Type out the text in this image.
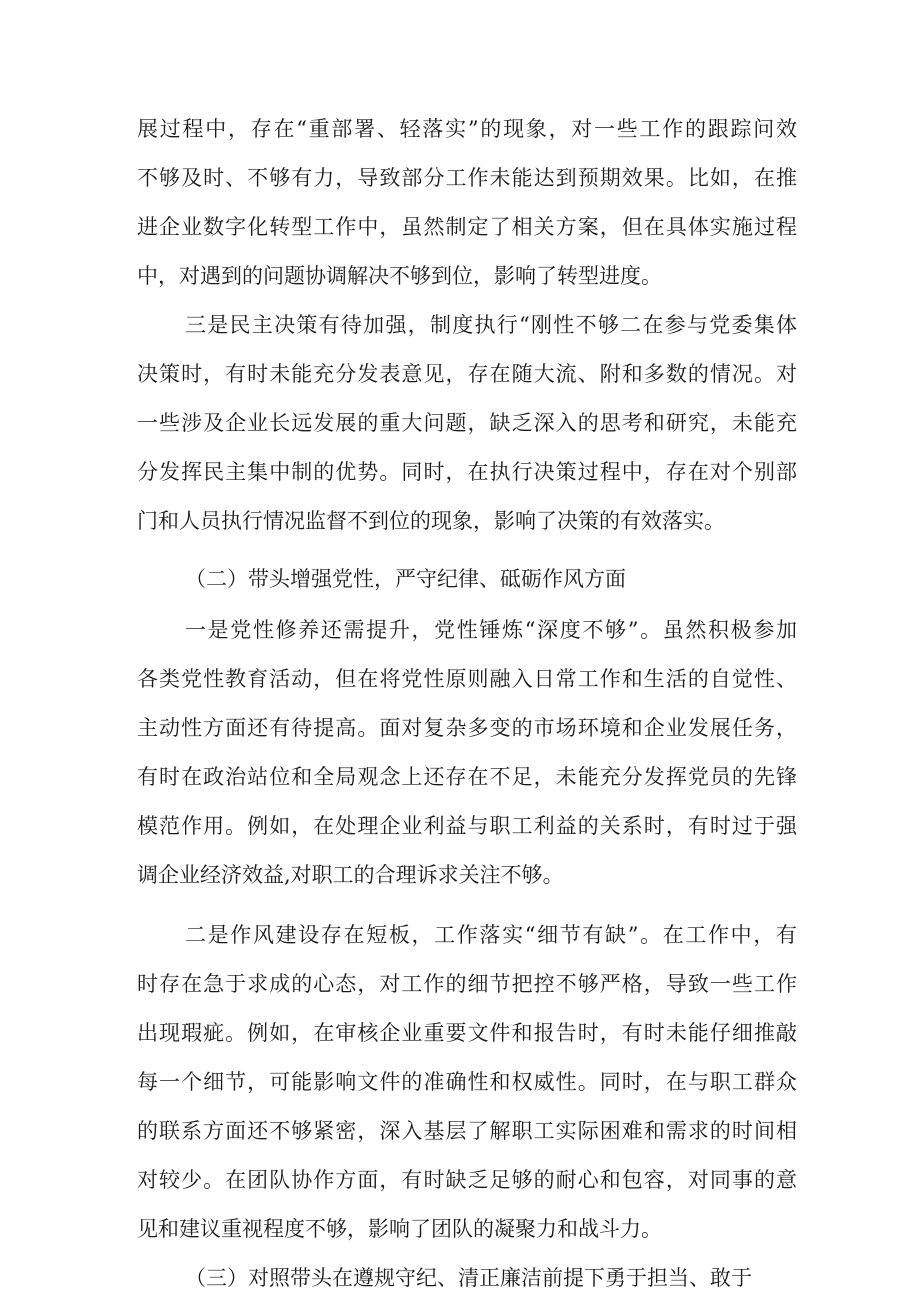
展过程中，存在“重部署、轻落实”的现象，对一些工作的跟踪问效
不够及时、不够有力，导致部分工作未能达到预期效果。比如，在推
进企业数字化转型工作中，虽然制定了相关方案，但在具体实施过程
中，对遇到的问题协调解决不够到位，影响了转型进度。
三是民主决策有待加强，制度执行“刚性不够二在参与党委集体
决策时，有时未能充分发表意见，存在随大流、附和多数的情况。对
一些涉及企业长远发展的重大问题，缺乏深入的思考和研究，未能充
分发挥民主集中制的优势。同时，在执行决策过程中，存在对个别部
门和人员执行情况监督不到位的现象，影响了决策的有效落实。
（二）带头增强党性，严守纪律、砥砺作风方面
一是党性修养还需提升，党性锤炼“深度不够”。虽然积极参加
各类党性教育活动，但在将党性原则融入日常工作和生活的自觉性、
主动性方面还有待提高。面对复杂多变的市场环境和企业发展任务，
有时在政治站位和全局观念上还存在不足，未能充分发挥党员的先锋
模范作用。例如，在处理企业利益与职工利益的关系时，有时过于强
调企业经济效益,对职工的合理诉求关注不够。
二是作风建设存在短板，工作落实“细节有缺”。在工作中，有
时存在急于求成的心态，对工作的细节把控不够严格，导致一些工作
出现瑕疵。例如，在审核企业重要文件和报告时，有时未能仔细推敲
每一个细节，可能影响文件的准确性和权威性。同时，在与职工群众
的联系方面还不够紧密，深入基层了解职工实际困难和需求的时间相
对较少。在团队协作方面，有时缺乏足够的耐心和包容，对同事的意
见和建议重视程度不够，影响了团队的凝聚力和战斗力。
（三）对照带头在遵规守纪、清正廉洁前提下勇于担当、敢于
